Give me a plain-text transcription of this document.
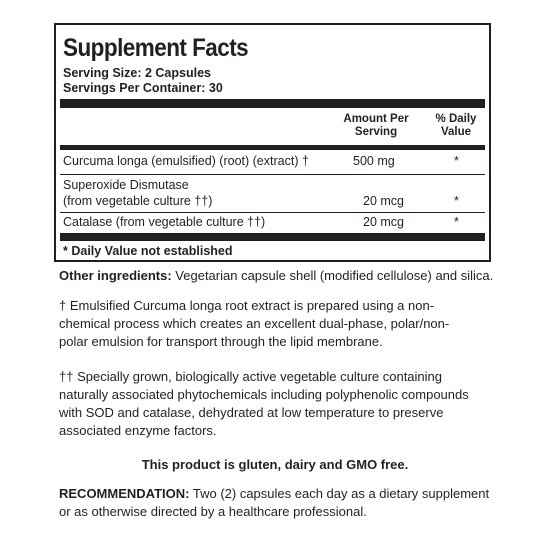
Supplement Facts
Serving Size: 2 Capsules
Servings Per Container: 30
Amount Per
Serving
% Daily
Value
Curcuma longa (emulsified) (root) (extract) †	500 mg	*
Superoxide Dismutase
(from vegetable culture ††)	20 mcg	*
Catalase (from vegetable culture ††)	20 mcg	*
* Daily Value not established
Other ingredients: Vegetarian capsule shell (modified cellulose) and silica.
† Emulsified Curcuma longa root extract is prepared using a non-chemical process which creates an excellent dual-phase, polar/non-polar emulsion for transport through the lipid membrane.
†† Specially grown, biologically active vegetable culture containing naturally associated phytochemicals including polyphenolic compounds with SOD and catalase, dehydrated at low temperature to preserve associated enzyme factors.
This product is gluten, dairy and GMO free.
RECOMMENDATION: Two (2) capsules each day as a dietary supplement or as otherwise directed by a healthcare professional.
